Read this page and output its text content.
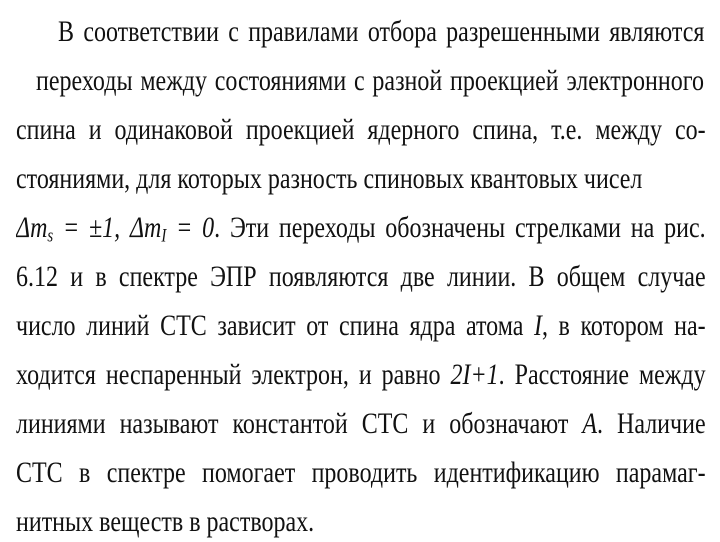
В соответствии с правилами отбора разрешенными являются
переходы между состояниями с разной проекцией электронного
спина и одинаковой проекцией ядерного спина, т.е. между со-
стояниями, для которых разность спиновых квантовых чисел
$\Delta m_s = \pm 1$, $\Delta m_I = 0$. Эти переходы обозначены стрелками на рис.
6.12 и в спектре ЭПР появляются две линии. В общем случае
число линий СТС зависит от спина ядра атома I, в котором на-
ходится неспаренный электрон, и равно 2I+1. Расстояние между
линиями называют константой СТС и обозначают A. Наличие
СТС в спектре помогает проводить идентификацию парамаг-
нитных веществ в растворах.
